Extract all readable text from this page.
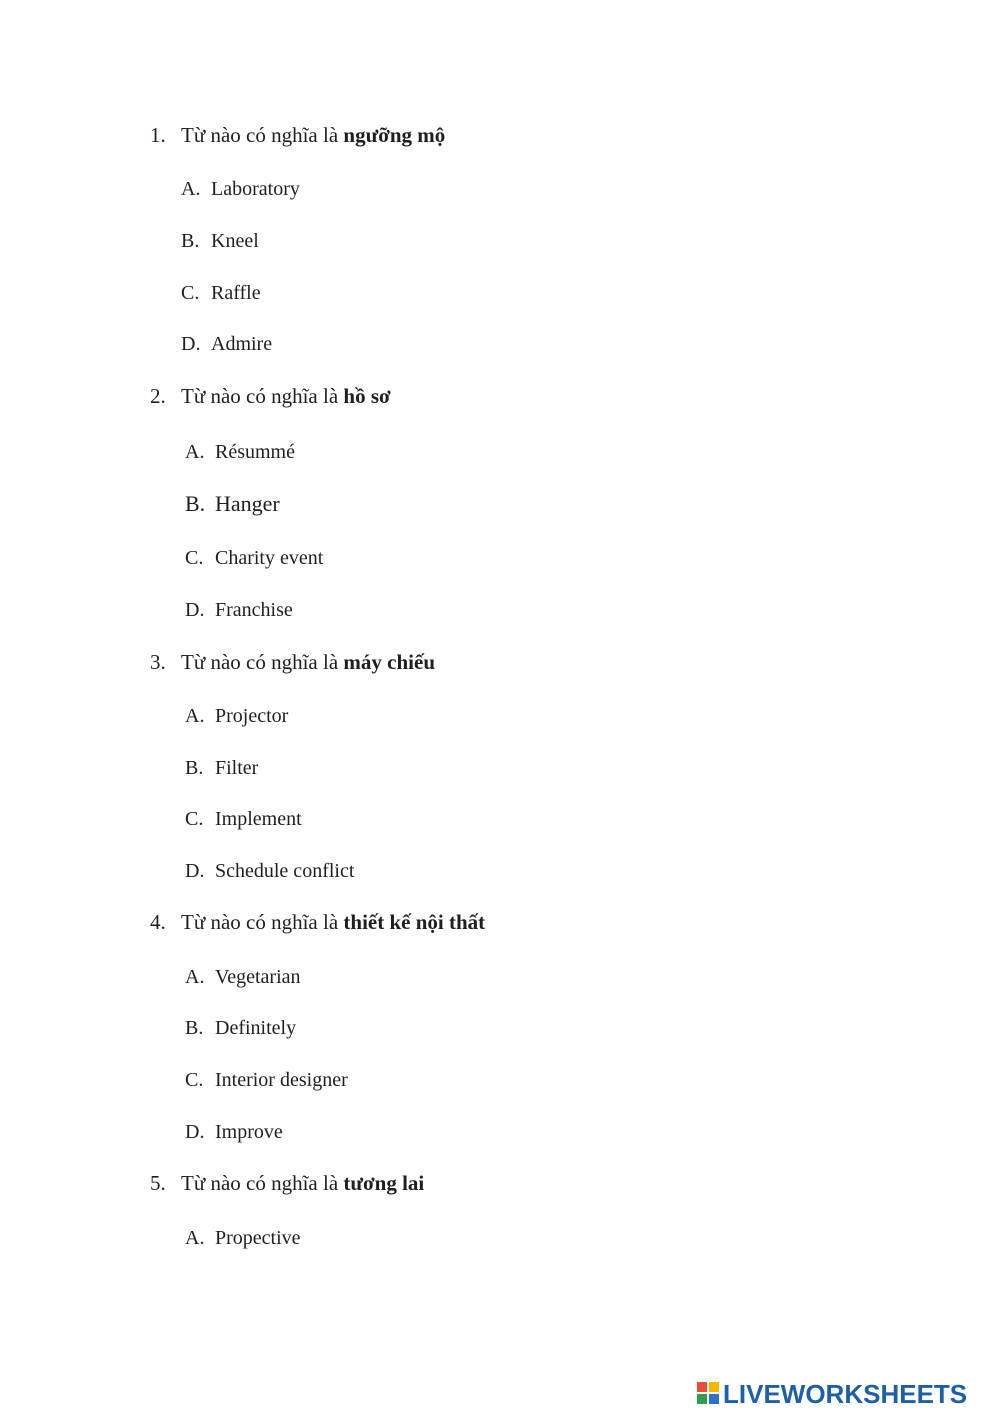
1. Từ nào có nghĩa là ngưỡng mộ
A. Laboratory
B. Kneel
C. Raffle
D. Admire
2. Từ nào có nghĩa là hồ sơ
A. Résummé
B. Hanger
C. Charity event
D. Franchise
3. Từ nào có nghĩa là máy chiếu
A. Projector
B. Filter
C. Implement
D. Schedule conflict
4. Từ nào có nghĩa là thiết kế nội thất
A. Vegetarian
B. Definitely
C. Interior designer
D. Improve
5. Từ nào có nghĩa là tương lai
A. Propective
LIVEWORKSHEETS
